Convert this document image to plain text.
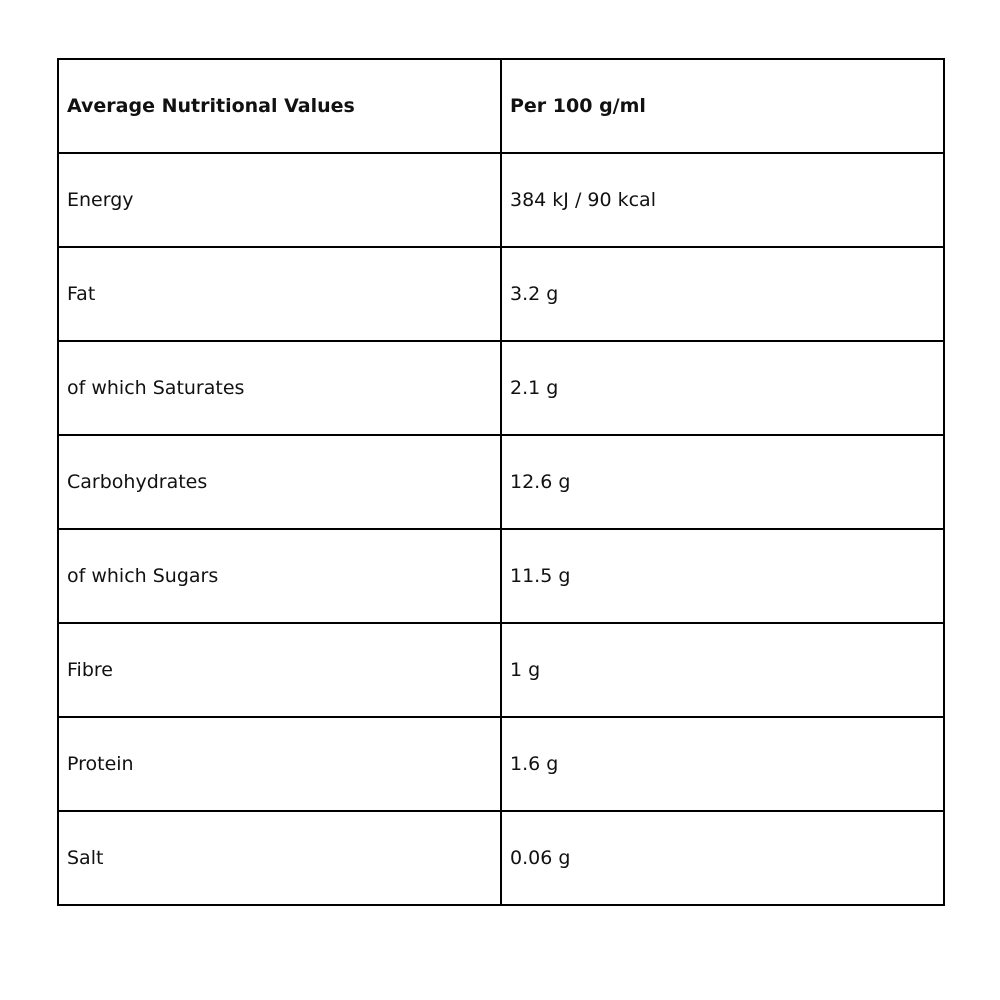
Average Nutritional Values	Per 100 g/ml
Energy	384 kJ / 90 kcal
Fat	3.2 g
of which Saturates	2.1 g
Carbohydrates	12.6 g
of which Sugars	11.5 g
Fibre	1 g
Protein	1.6 g
Salt	0.06 g
